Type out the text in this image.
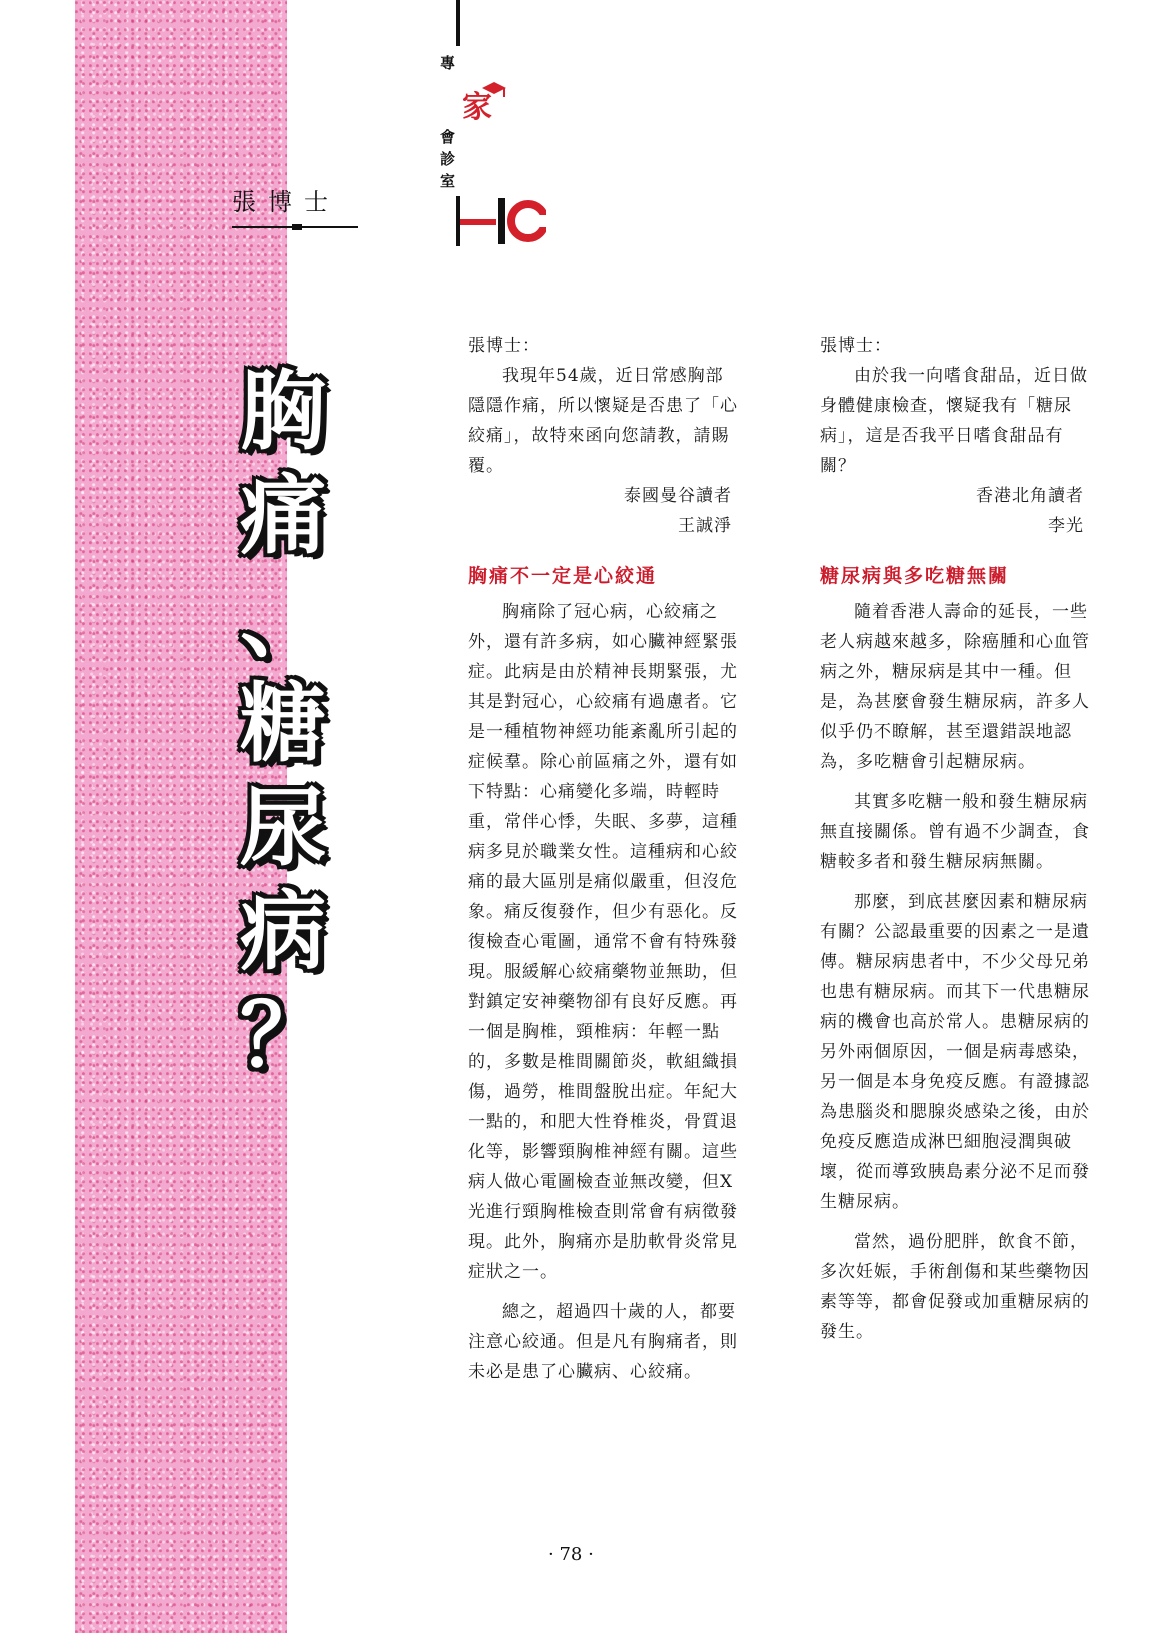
專
家
會
診
室
張博士
胸
痛
、
糖
尿
病
？

張博士：

我現年54歲，近日常感胸部隱隱作痛，所以懷疑是否患了「心絞痛」，故特來函向您請教，請賜覆。

泰國曼谷讀者

王誠淨

胸痛不一定是心絞通

胸痛除了冠心病，心絞痛之外，還有許多病，如心臟神經緊張症。此病是由於精神長期緊張，尤其是對冠心，心絞痛有過慮者。它是一種植物神經功能紊亂所引起的症候羣。除心前區痛之外，還有如下特點：心痛變化多端，時輕時重，常伴心悸，失眠、多夢，這種病多見於職業女性。這種病和心絞痛的最大區別是痛似嚴重，但沒危象。痛反復發作，但少有惡化。反復檢查心電圖，通常不會有特殊發現。服緩解心絞痛藥物並無助，但對鎮定安神藥物卻有良好反應。再一個是胸椎，頸椎病：年輕一點的，多數是椎間關節炎，軟組織損傷，過勞，椎間盤脫出症。年紀大一點的，和肥大性脊椎炎，骨質退化等，影響頸胸椎神經有關。這些病人做心電圖檢查並無改變，但X光進行頸胸椎檢查則常會有病徵發現。此外，胸痛亦是肋軟骨炎常見症狀之一。

總之，超過四十歲的人，都要注意心絞通。但是凡有胸痛者，則未必是患了心臟病、心絞痛。

張博士：

由於我一向嗜食甜品，近日做身體健康檢查，懷疑我有「糖尿病」，這是否我平日嗜食甜品有關？

香港北角讀者

李光

糖尿病與多吃糖無關

隨着香港人壽命的延長，一些老人病越來越多，除癌腫和心血管病之外，糖尿病是其中一種。但是，為甚麼會發生糖尿病，許多人似乎仍不瞭解，甚至還錯誤地認為，多吃糖會引起糖尿病。

其實多吃糖一般和發生糖尿病無直接關係。曾有過不少調查，食糖較多者和發生糖尿病無關。

那麼，到底甚麼因素和糖尿病有關？公認最重要的因素之一是遺傳。糖尿病患者中，不少父母兄弟也患有糖尿病。而其下一代患糖尿病的機會也高於常人。患糖尿病的另外兩個原因，一個是病毒感染，另一個是本身免疫反應。有證據認為患腦炎和腮腺炎感染之後，由於免疫反應造成淋巴細胞浸潤與破壞，從而導致胰島素分泌不足而發生糖尿病。

當然，過份肥胖，飲食不節，多次妊娠，手術創傷和某些藥物因素等等，都會促發或加重糖尿病的發生。

· 78 ·
